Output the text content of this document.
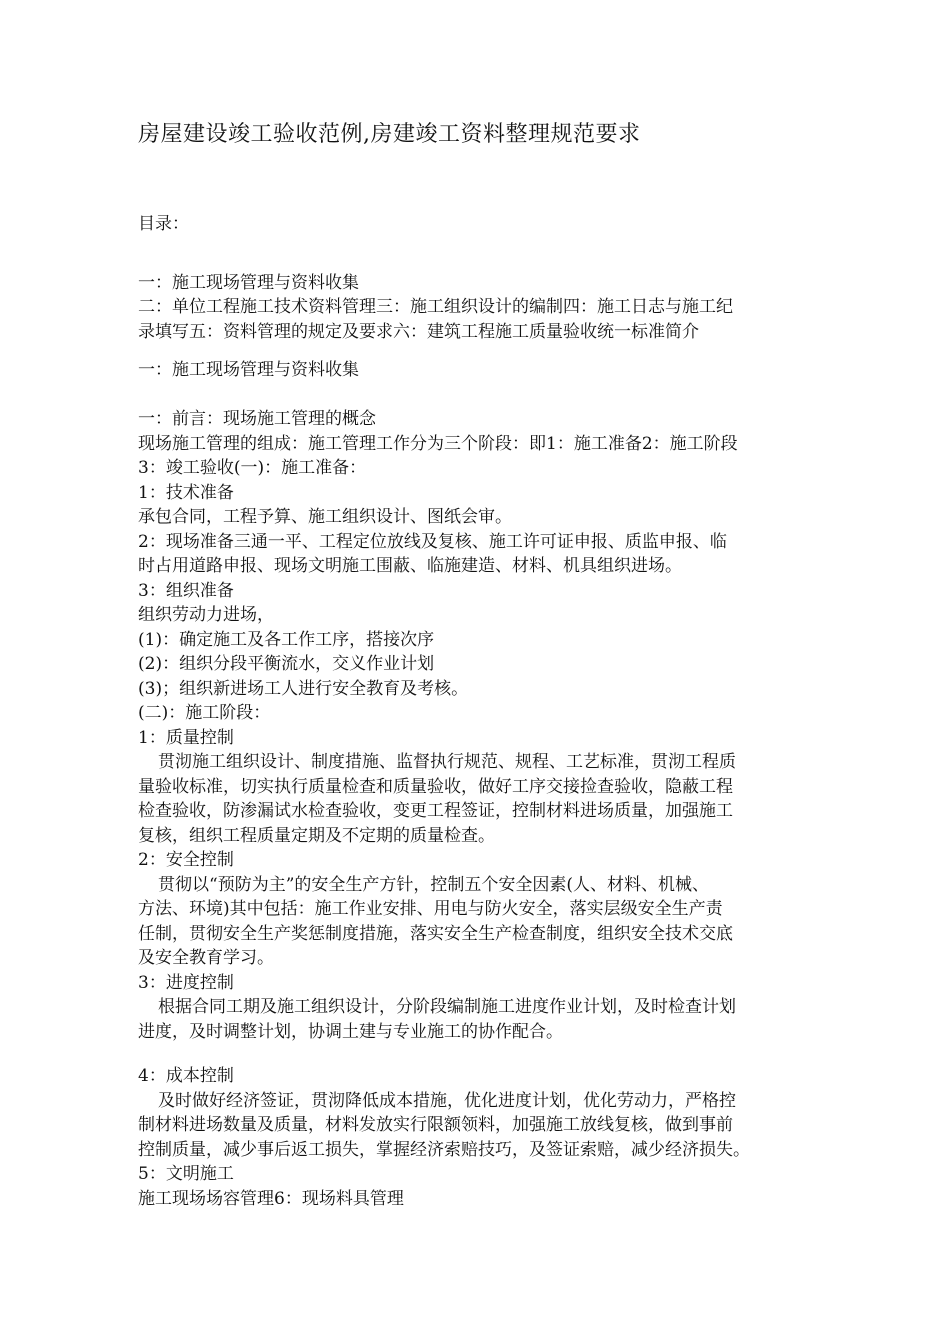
房屋建设竣工验收范例,房建竣工资料整理规范要求
目录：
一：施工现场管理与资料收集
二：单位工程施工技术资料管理三：施工组织设计的编制四：施工日志与施工纪
录填写五：资料管理的规定及要求六：建筑工程施工质量验收统一标准简介
一：施工现场管理与资料收集
一：前言：现场施工管理的概念
现场施工管理的组成：施工管理工作分为三个阶段：即1：施工准备2：施工阶段
3：竣工验收(一)：施工准备：
1：技术准备
承包合同，工程予算、施工组织设计、图纸会审。
2：现场准备三通一平、工程定位放线及复核、施工许可证申报、质监申报、临
时占用道路申报、现场文明施工围蔽、临施建造、材料、机具组织进场。
3：组织准备
组织劳动力进场，
(1)：确定施工及各工作工序，搭接次序
(2)：组织分段平衡流水，交义作业计划
(3)；组织新进场工人进行安全教育及考核。
(二)：施工阶段：
1：质量控制
贯沏施工组织设计、制度措施、监督执行规范、规程、工艺标准，贯沏工程质
量验收标准，切实执行质量检查和质量验收，做好工序交接捡查验收，隐蔽工程
检查验收，防渗漏试水检查验收，变更工程签证，控制材料进场质量，加强施工
复核，组织工程质量定期及不定期的质量检查。
2：安全控制
贯彻以“预防为主”的安全生产方针，控制五个安全因素(人、材料、机械、
方法、环境)其中包括：施工作业安排、用电与防火安全，落实层级安全生产责
任制，贯彻安全生产奖惩制度措施，落实安全生产检查制度，组织安全技术交底
及安全教育学习。
3：进度控制
根据合同工期及施工组织设计，分阶段编制施工进度作业计划，及时检查计划
进度，及时调整计划，协调土建与专业施工的协作配合。
4：成本控制
及时做好经济签证，贯沏降低成本措施，优化进度计划，优化劳动力，严格控
制材料进场数量及质量，材料发放实行限额领料，加强施工放线复核，做到事前
控制质量，减少事后返工损失，掌握经济索赔技巧，及签证索赔，减少经济损失。
5：文明施工
施工现场场容管理6：现场料具管理
